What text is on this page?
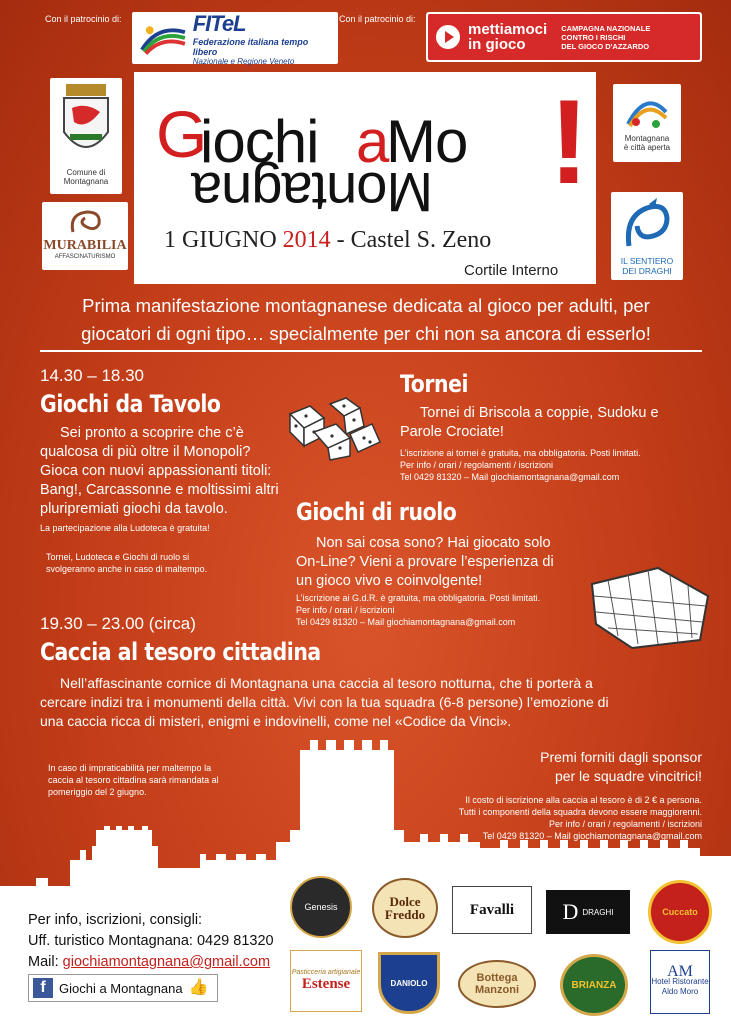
Con il patrocinio di:	Con il patrocinio di:
FITeL
Federazione italiana tempo libero
Nazionale e Regione Veneto
mettiamoci
in gioco
CAMPAGNA NAZIONALE
CONTRO I RISCHI
DEL GIOCO D'AZZARDO
Comune di
Montagnana
MURABILIA
AFFASCINATURISMO
Montagnana
è città aperta
IL SENTIERO
DEI DRAGHI
G
iochi a
Mo
Montagna !
1 GIUGNO 2014 - Castel S. Zeno
Cortile Interno
Prima manifestazione montagnanese dedicata al gioco per adulti, per
giocatori di ogni tipo… specialmente per chi non sa ancora di esserlo!
14.30 – 18.30
Giochi da Tavolo
Sei pronto a scoprire che c’è
qualcosa di più oltre il Monopoli?
Gioca con nuovi appassionanti titoli:
Bang!, Carcassonne e moltissimi altri
pluripremiati giochi da tavolo.
La partecipazione alla Ludoteca è gratuita!
Tornei, Ludoteca e Giochi di ruolo si
svolgeranno anche in caso di maltempo.
Tornei
Tornei di Briscola a coppie, Sudoku e
Parole Crociate!
L’iscrizione ai tornei è gratuita, ma obbligatoria. Posti limitati.
Per info / orari / regolamenti / iscrizioni
Tel 0429 81320 – Mail giochiamontagnana@gmail.com
Giochi di ruolo
Non sai cosa sono? Hai giocato solo
On-Line? Vieni a provare l’esperienza di
un gioco vivo e coinvolgente!
L’iscrizione ai G.d.R. è gratuita, ma obbligatoria. Posti limitati.
Per info / orari / iscrizioni
Tel 0429 81320 – Mail giochiamontagnana@gmail.com
19.30 – 23.00 (circa)
Caccia al tesoro cittadina
Nell’affascinante cornice di Montagnana una caccia al tesoro notturna, che ti porterà a
cercare indizi tra i monumenti della città. Vivi con la tua squadra (6-8 persone) l’emozione di
una caccia ricca di misteri, enigmi e indovinelli, come nel «Codice da Vinci».
In caso di impraticabilità per maltempo la
caccia al tesoro cittadina sarà rimandata al
pomeriggio del 2 giugno.
Premi forniti dagli sponsor
per le squadre vincitrici!
Il costo di iscrizione alla caccia al tesoro è di 2 € a persona.
Tutti i componenti della squadra devono essere maggiorenni.
Per info / orari / regolamenti / iscrizioni
Tel 0429 81320 – Mail giochiamontagnana@gmail.com
Per info, iscrizioni, consigli:
Uff. turistico Montagnana: 0429 81320
Mail: giochiamontagnana@gmail.com
f	Giochi a Montagnana 👍
Genesis	Dolce
Freddo	Favalli D DRAGHI	Cuccato
Pasticceria artigianale
Estense	DANIOLO	Bottega
Manzoni	BRIANZA
AM
Hotel Ristorante
Aldo Moro
